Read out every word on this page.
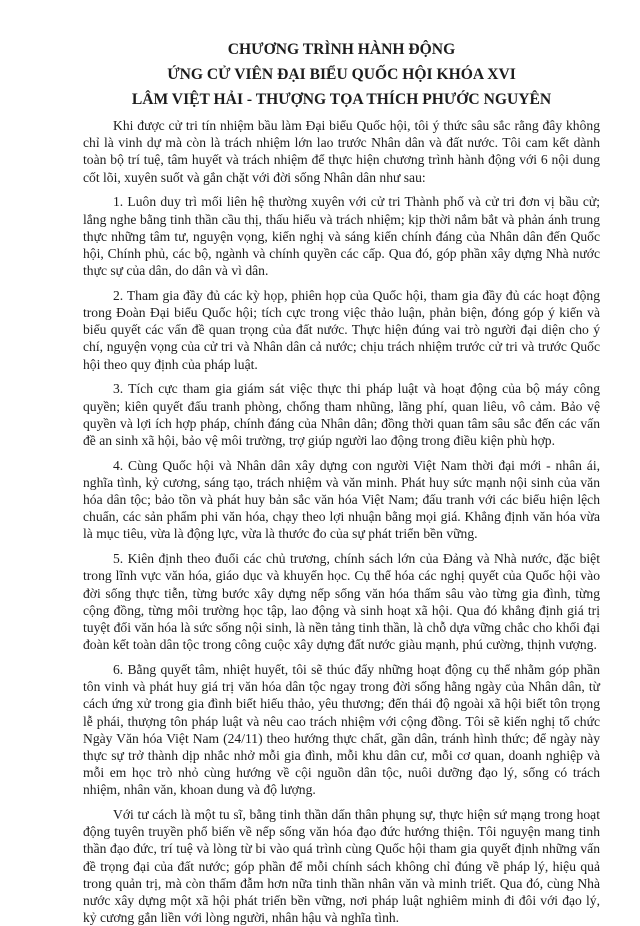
CHƯƠNG TRÌNH HÀNH ĐỘNG
ỨNG CỬ VIÊN ĐẠI BIỂU QUỐC HỘI KHÓA XVI
LÂM VIỆT HẢI - THƯỢNG TỌA THÍCH PHƯỚC NGUYÊN

Khi được cử tri tín nhiệm bầu làm Đại biểu Quốc hội, tôi ý thức sâu sắc rằng đây không chỉ là vinh dự mà còn là trách nhiệm lớn lao trước Nhân dân và đất nước. Tôi cam kết dành toàn bộ trí tuệ, tâm huyết và trách nhiệm để thực hiện chương trình hành động với 6 nội dung cốt lõi, xuyên suốt và gắn chặt với đời sống Nhân dân như sau:

1. Luôn duy trì mối liên hệ thường xuyên với cử tri Thành phố và cử tri đơn vị bầu cử; lắng nghe bằng tinh thần cầu thị, thấu hiểu và trách nhiệm; kịp thời nắm bắt và phản ánh trung thực những tâm tư, nguyện vọng, kiến nghị và sáng kiến chính đáng của Nhân dân đến Quốc hội, Chính phủ, các bộ, ngành và chính quyền các cấp. Qua đó, góp phần xây dựng Nhà nước thực sự của dân, do dân và vì dân.

2. Tham gia đầy đủ các kỳ họp, phiên họp của Quốc hội, tham gia đầy đủ các hoạt động trong Đoàn Đại biểu Quốc hội; tích cực trong việc thảo luận, phản biện, đóng góp ý kiến và biểu quyết các vấn đề quan trọng của đất nước. Thực hiện đúng vai trò người đại diện cho ý chí, nguyện vọng của cử tri và Nhân dân cả nước; chịu trách nhiệm trước cử tri và trước Quốc hội theo quy định của pháp luật.

3. Tích cực tham gia giám sát việc thực thi pháp luật và hoạt động của bộ máy công quyền; kiên quyết đấu tranh phòng, chống tham nhũng, lãng phí, quan liêu, vô cảm. Bảo vệ quyền và lợi ích hợp pháp, chính đáng của Nhân dân; đồng thời quan tâm sâu sắc đến các vấn đề an sinh xã hội, bảo vệ môi trường, trợ giúp người lao động trong điều kiện phù hợp.

4. Cùng Quốc hội và Nhân dân xây dựng con người Việt Nam thời đại mới - nhân ái, nghĩa tình, kỷ cương, sáng tạo, trách nhiệm và văn minh. Phát huy sức mạnh nội sinh của văn hóa dân tộc; bảo tồn và phát huy bản sắc văn hóa Việt Nam; đấu tranh với các biểu hiện lệch chuẩn, các sản phẩm phi văn hóa, chạy theo lợi nhuận bằng mọi giá. Khẳng định văn hóa vừa là mục tiêu, vừa là động lực, vừa là thước đo của sự phát triển bền vững.

5. Kiên định theo đuổi các chủ trương, chính sách lớn của Đảng và Nhà nước, đặc biệt trong lĩnh vực văn hóa, giáo dục và khuyến học. Cụ thể hóa các nghị quyết của Quốc hội vào đời sống thực tiễn, từng bước xây dựng nếp sống văn hóa thấm sâu vào từng gia đình, từng cộng đồng, từng môi trường học tập, lao động và sinh hoạt xã hội. Qua đó khẳng định giá trị tuyệt đối văn hóa là sức sống nội sinh, là nền tảng tinh thần, là chỗ dựa vững chắc cho khối đại đoàn kết toàn dân tộc trong công cuộc xây dựng đất nước giàu mạnh, phú cường, thịnh vượng.

6. Bằng quyết tâm, nhiệt huyết, tôi sẽ thúc đẩy những hoạt động cụ thể nhằm góp phần tôn vinh và phát huy giá trị văn hóa dân tộc ngay trong đời sống hằng ngày của Nhân dân, từ cách ứng xử trong gia đình biết hiếu thảo, yêu thương; đến thái độ ngoài xã hội biết tôn trọng lễ phái, thượng tôn pháp luật và nêu cao trách nhiệm với cộng đồng. Tôi sẽ kiến nghị tổ chức Ngày Văn hóa Việt Nam (24/11) theo hướng thực chất, gần dân, tránh hình thức; để ngày này thực sự trở thành dịp nhắc nhở mỗi gia đình, mỗi khu dân cư, mỗi cơ quan, doanh nghiệp và mỗi em học trò nhỏ cùng hướng về cội nguồn dân tộc, nuôi dưỡng đạo lý, sống có trách nhiệm, nhân văn, khoan dung và độ lượng.

Với tư cách là một tu sĩ, bằng tinh thần dấn thân phụng sự, thực hiện sứ mạng trong hoạt động tuyên truyền phổ biến về nếp sống văn hóa đạo đức hướng thiện. Tôi nguyện mang tinh thần đạo đức, trí tuệ và lòng từ bi vào quá trình cùng Quốc hội tham gia quyết định những vấn đề trọng đại của đất nước; góp phần để mỗi chính sách không chỉ đúng về pháp lý, hiệu quả trong quản trị, mà còn thấm đẫm hơn nữa tinh thần nhân văn và minh triết. Qua đó, cùng Nhà nước xây dựng một xã hội phát triển bền vững, nơi pháp luật nghiêm minh đi đôi với đạo lý, kỷ cương gắn liền với lòng người, nhân hậu và nghĩa tình.
